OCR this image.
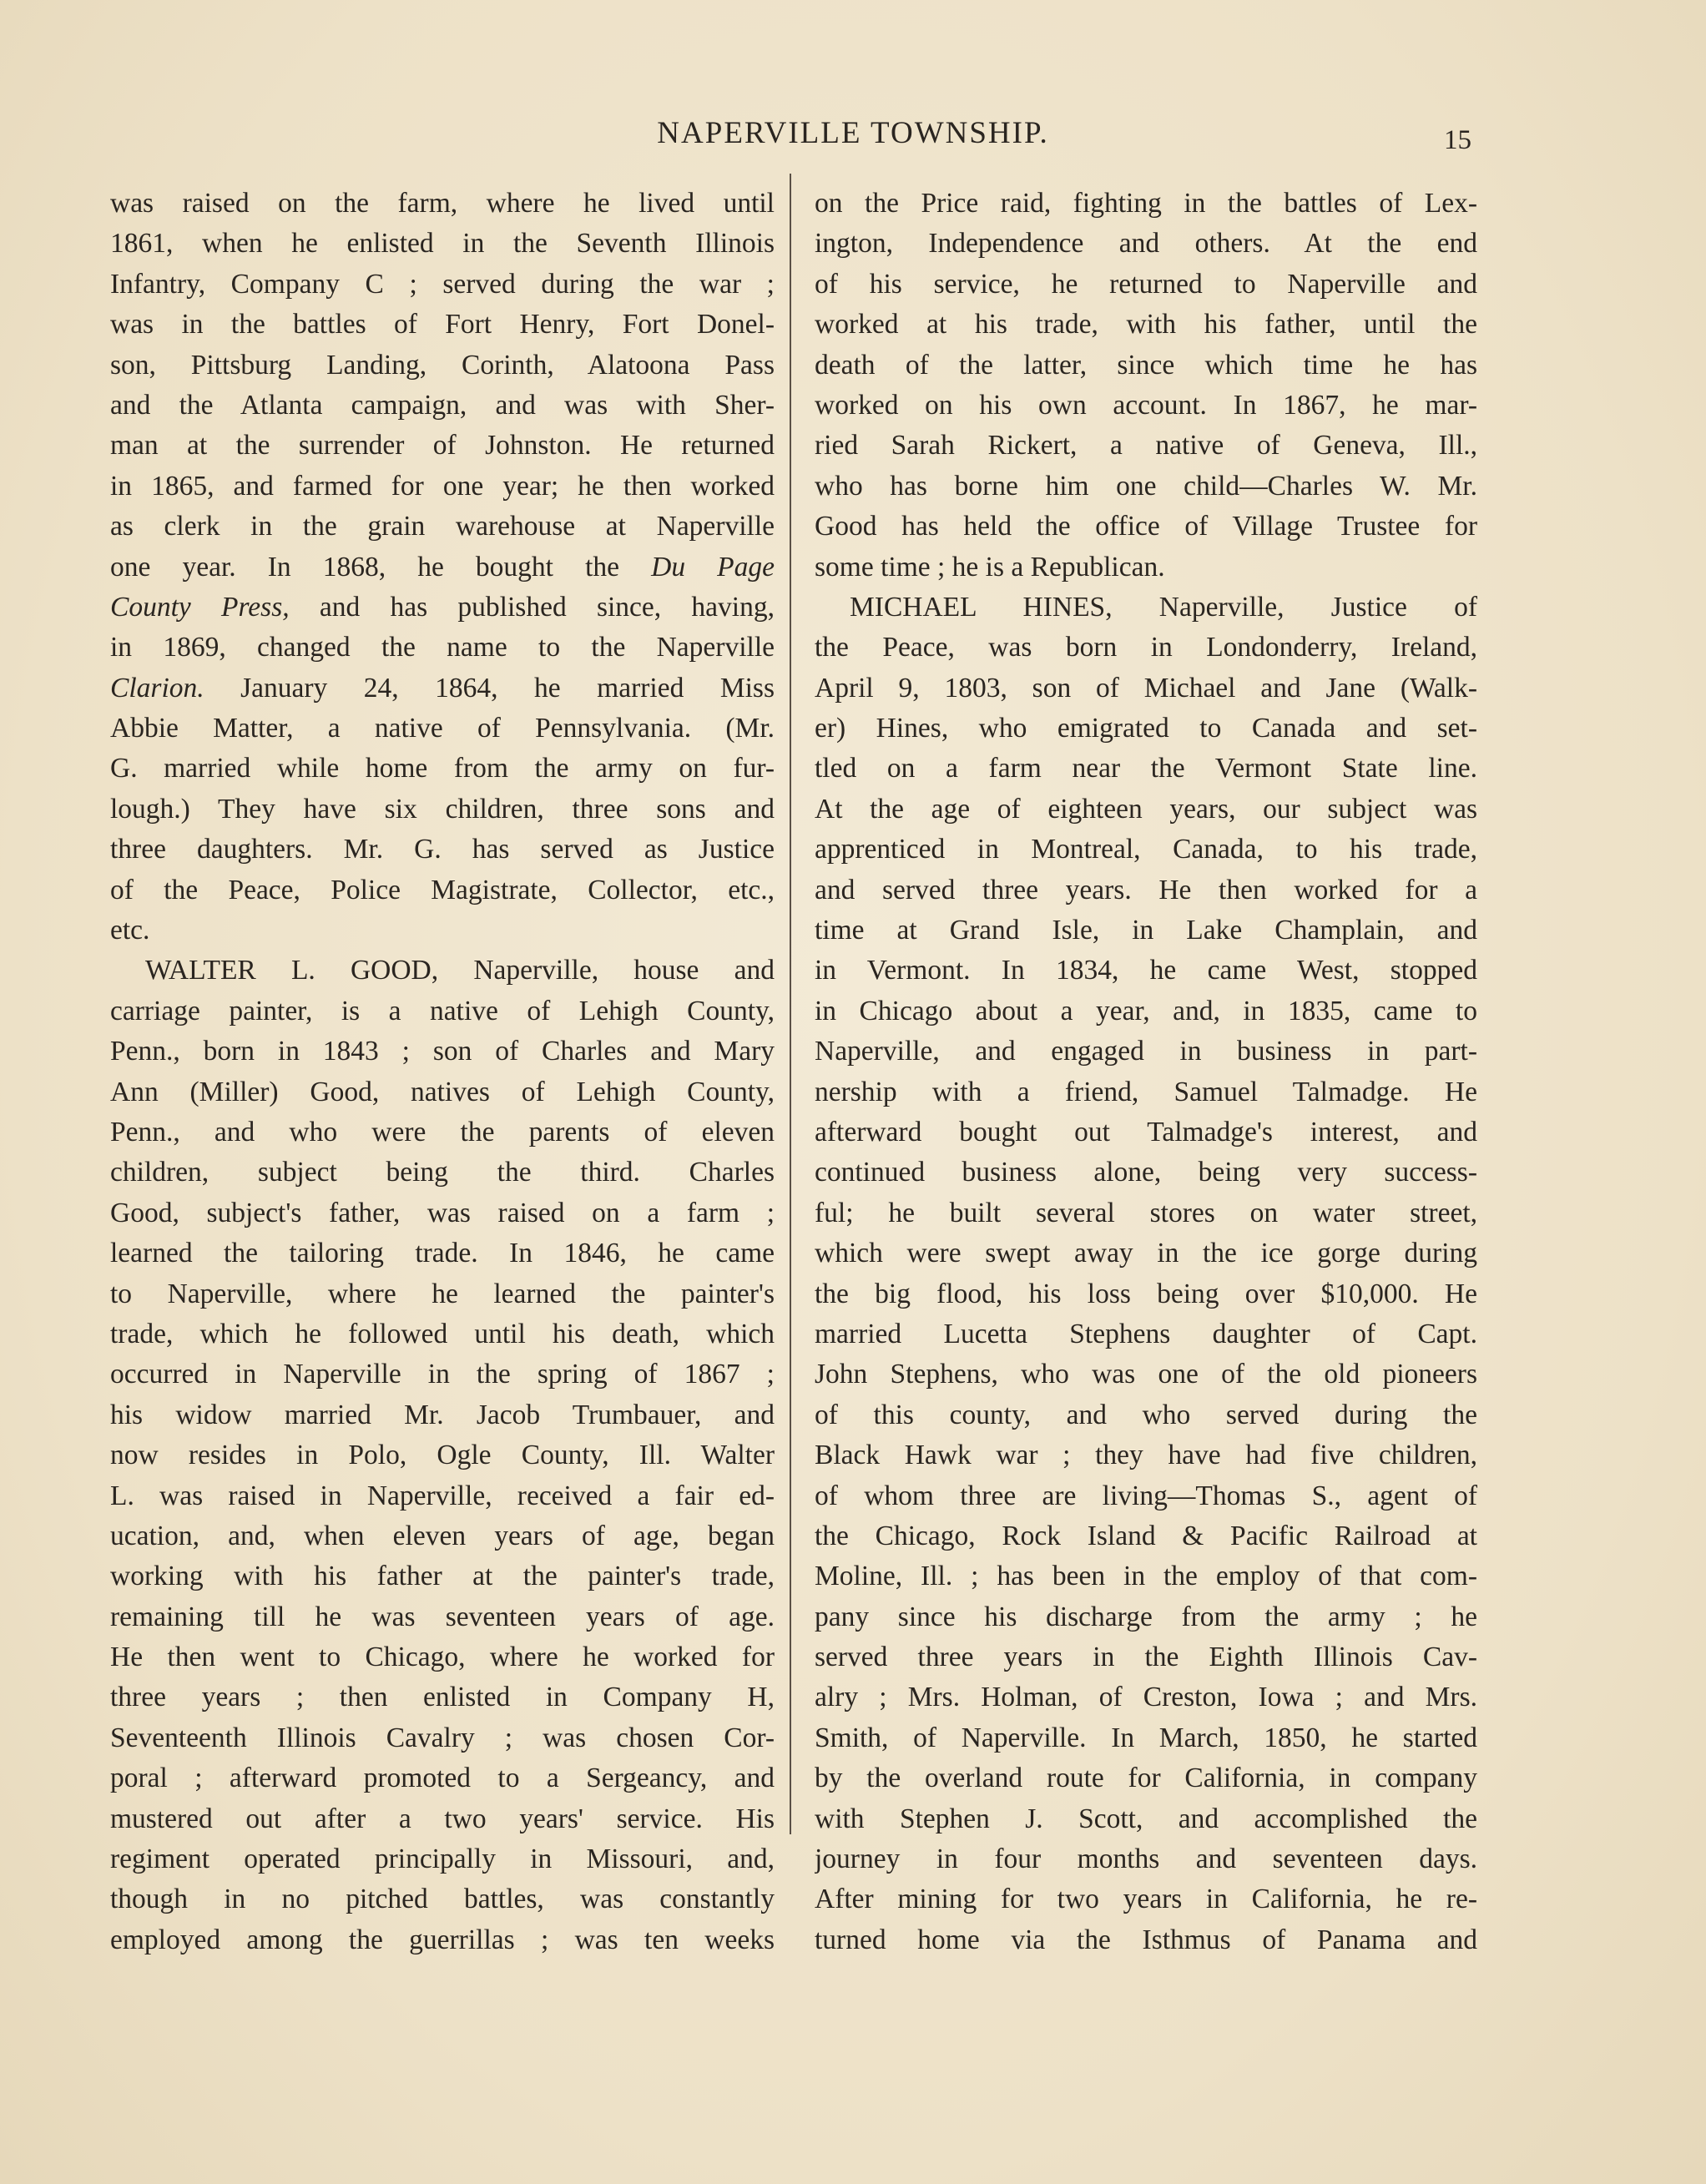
NAPERVILLE TOWNSHIP.	15
was raised on the farm, where he lived until
1861, when he enlisted in the Seventh Illinois
Infantry, Company C ; served during the war ;
was in the battles of Fort Henry, Fort Donel-
son, Pittsburg Landing, Corinth, Alatoona Pass
and the Atlanta campaign, and was with Sher-
man at the surrender of Johnston. He returned
in 1865, and farmed for one year; he then worked
as clerk in the grain warehouse at Naperville
one year. In 1868, he bought the Du Page
County Press, and has published since, having,
in 1869, changed the name to the Naperville
Clarion. January 24, 1864, he married Miss
Abbie Matter, a native of Pennsylvania. (Mr.
G. married while home from the army on fur-
lough.) They have six children, three sons and
three daughters. Mr. G. has served as Justice
of the Peace, Police Magistrate, Collector, etc.,
etc.
WALTER L. GOOD, Naperville, house and
carriage painter, is a native of Lehigh County,
Penn., born in 1843 ; son of Charles and Mary
Ann (Miller) Good, natives of Lehigh County,
Penn., and who were the parents of eleven
children, subject being the third. Charles
Good, subject's father, was raised on a farm ;
learned the tailoring trade. In 1846, he came
to Naperville, where he learned the painter's
trade, which he followed until his death, which
occurred in Naperville in the spring of 1867 ;
his widow married Mr. Jacob Trumbauer, and
now resides in Polo, Ogle County, Ill. Walter
L. was raised in Naperville, received a fair ed-
ucation, and, when eleven years of age, began
working with his father at the painter's trade,
remaining till he was seventeen years of age.
He then went to Chicago, where he worked for
three years ; then enlisted in Company H,
Seventeenth Illinois Cavalry ; was chosen Cor-
poral ; afterward promoted to a Sergeancy, and
mustered out after a two years' service. His
regiment operated principally in Missouri, and,
though in no pitched battles, was constantly
employed among the guerrillas ; was ten weeks
on the Price raid, fighting in the battles of Lex-
ington, Independence and others. At the end
of his service, he returned to Naperville and
worked at his trade, with his father, until the
death of the latter, since which time he has
worked on his own account. In 1867, he mar-
ried Sarah Rickert, a native of Geneva, Ill.,
who has borne him one child—Charles W. Mr.
Good has held the office of Village Trustee for
some time ; he is a Republican.
MICHAEL HINES, Naperville, Justice of
the Peace, was born in Londonderry, Ireland,
April 9, 1803, son of Michael and Jane (Walk-
er) Hines, who emigrated to Canada and set-
tled on a farm near the Vermont State line.
At the age of eighteen years, our subject was
apprenticed in Montreal, Canada, to his trade,
and served three years. He then worked for a
time at Grand Isle, in Lake Champlain, and
in Vermont. In 1834, he came West, stopped
in Chicago about a year, and, in 1835, came to
Naperville, and engaged in business in part-
nership with a friend, Samuel Talmadge. He
afterward bought out Talmadge's interest, and
continued business alone, being very success-
ful; he built several stores on water street,
which were swept away in the ice gorge during
the big flood, his loss being over $10,000. He
married Lucetta Stephens daughter of Capt.
John Stephens, who was one of the old pioneers
of this county, and who served during the
Black Hawk war ; they have had five children,
of whom three are living—Thomas S., agent of
the Chicago, Rock Island & Pacific Railroad at
Moline, Ill. ; has been in the employ of that com-
pany since his discharge from the army ; he
served three years in the Eighth Illinois Cav-
alry ; Mrs. Holman, of Creston, Iowa ; and Mrs.
Smith, of Naperville. In March, 1850, he started
by the overland route for California, in company
with Stephen J. Scott, and accomplished the
journey in four months and seventeen days.
After mining for two years in California, he re-
turned home via the Isthmus of Panama and
